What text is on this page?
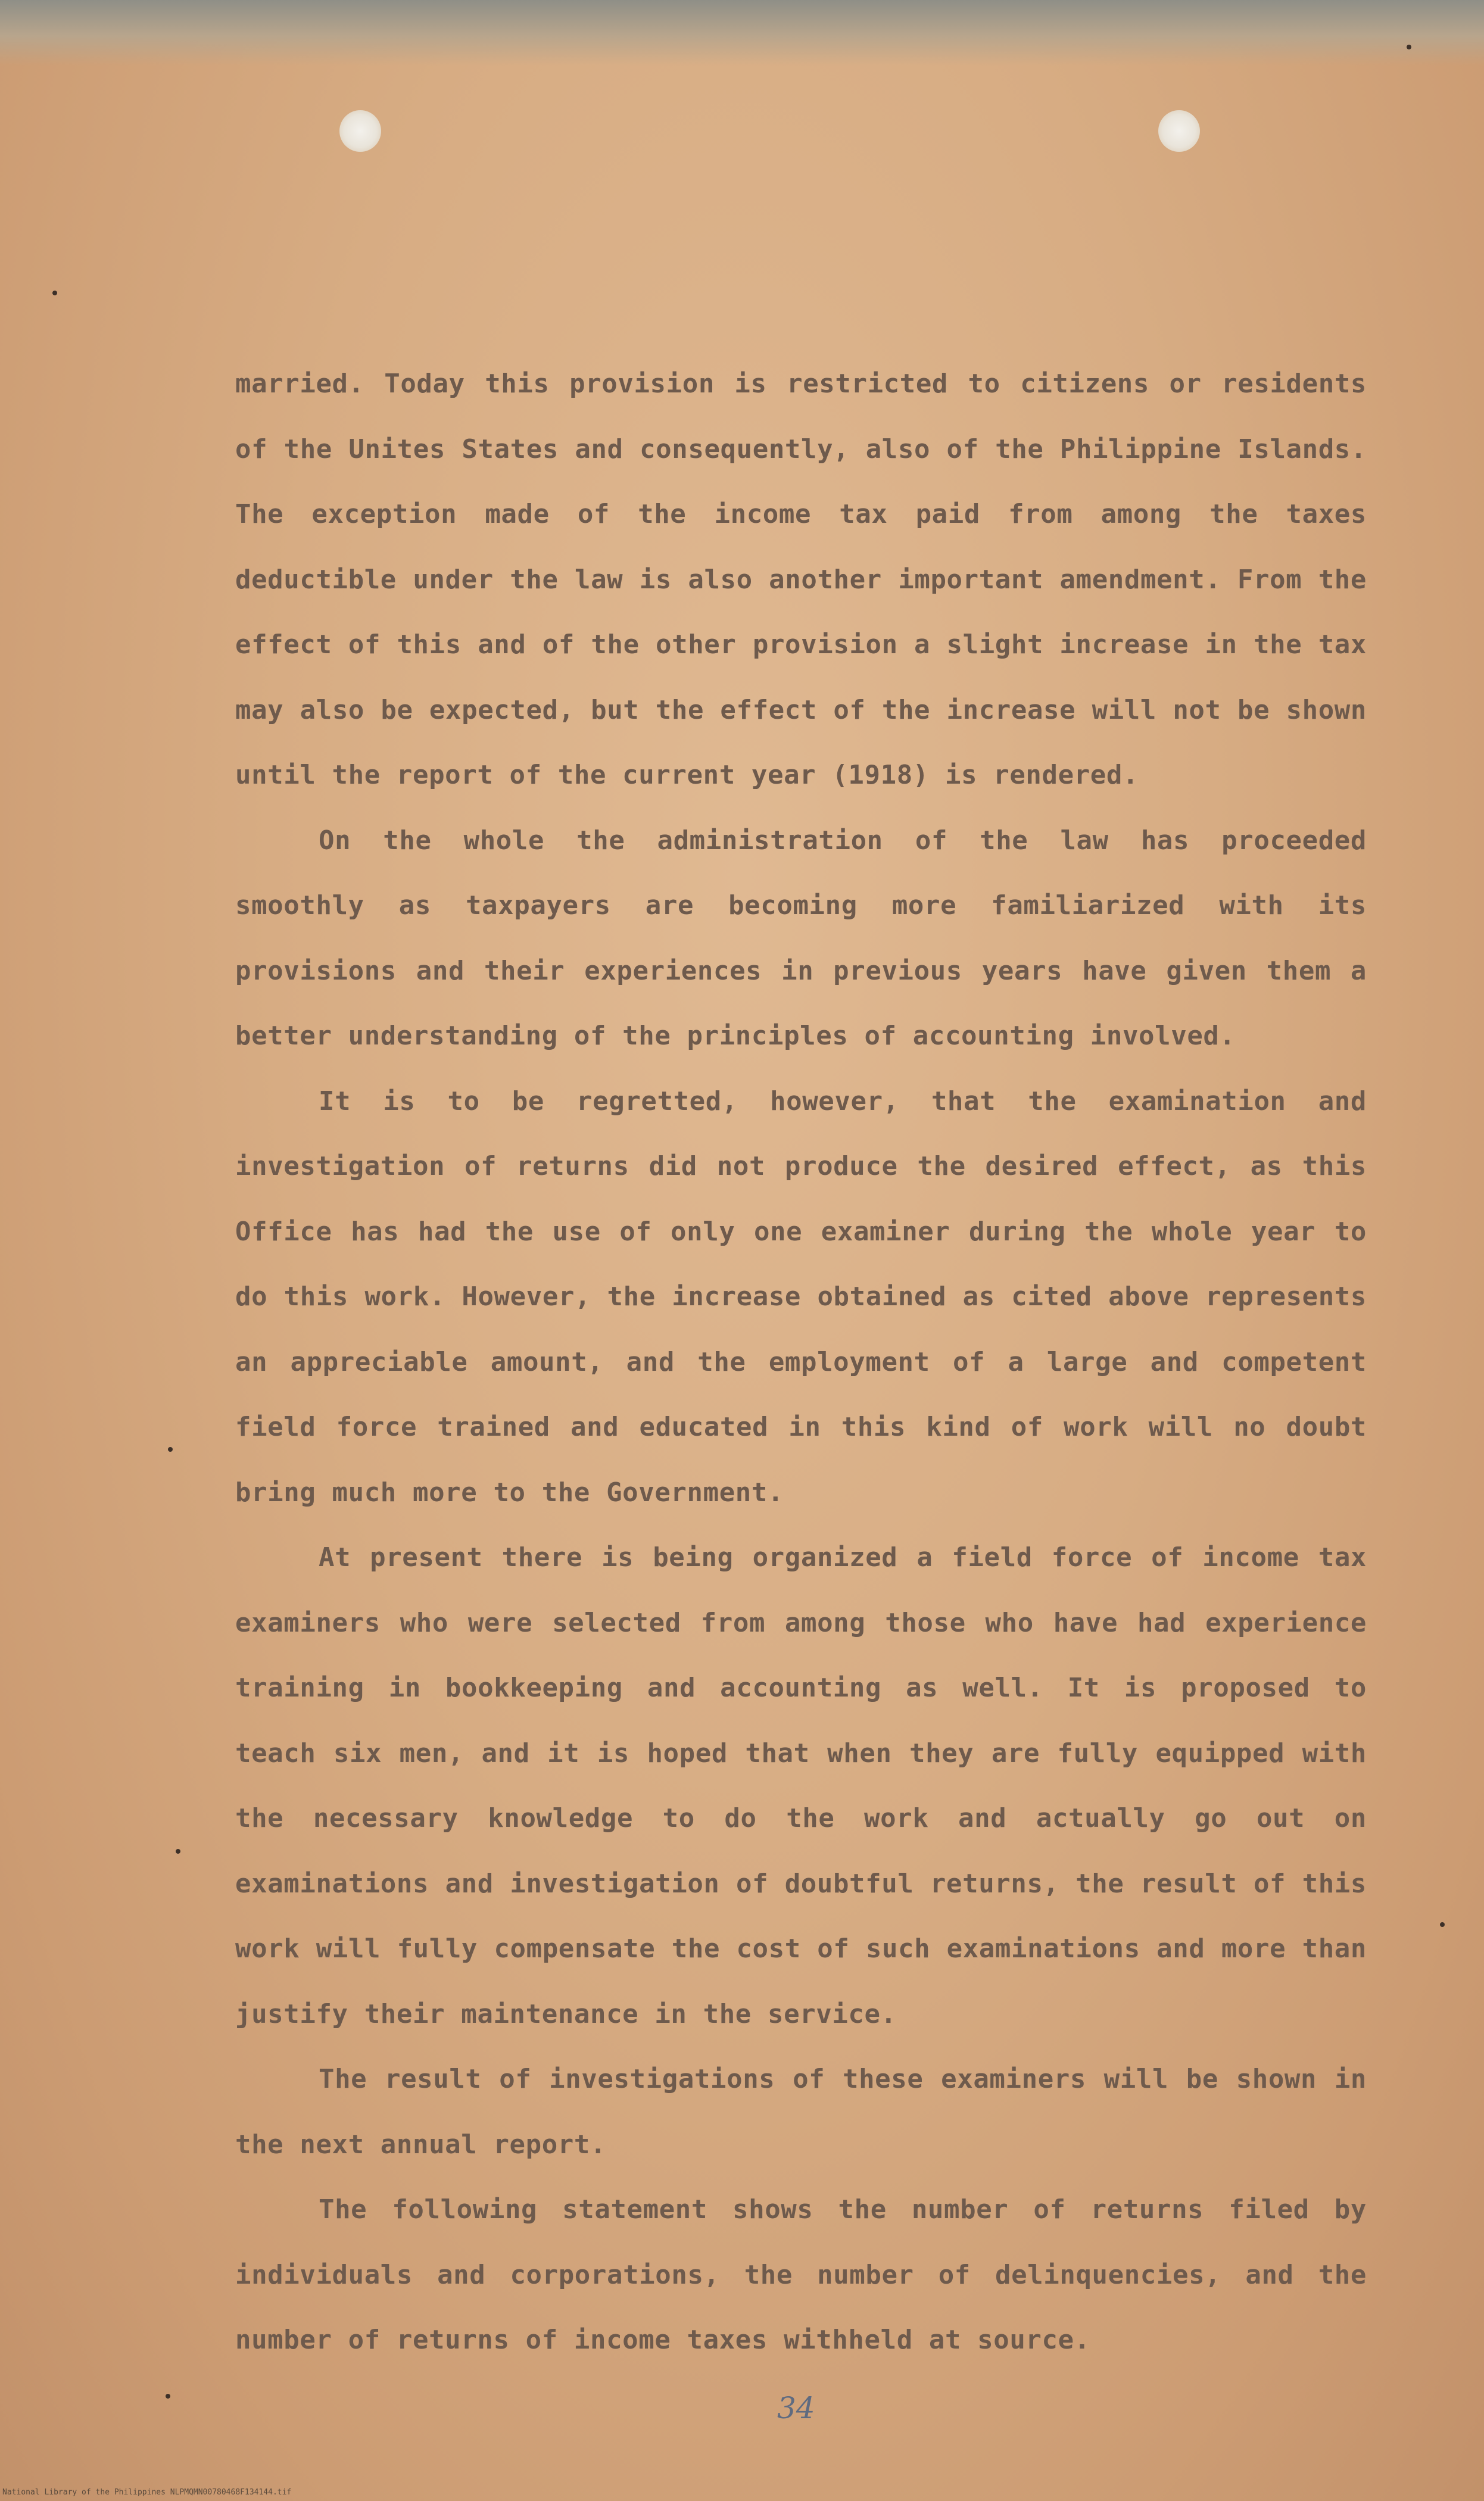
married. Today this provision is restricted to citizens or residents of the Unites States and consequently, also of the Philippine Islands. The exception made of the income tax paid from among the taxes deductible under the law is also another important amendment. From the effect of this and of the other provision a slight increase in the tax may also be expected, but the effect of the increase will not be shown until the report of the current year (1918) is rendered.

On the whole the administration of the law has proceeded smoothly as taxpayers are becoming more familiarized with its provisions and their experiences in previous years have given them a better understanding of the principles of accounting involved.

It is to be regretted, however, that the examination and investigation of returns did not produce the desired effect, as this Office has had the use of only one examiner during the whole year to do this work. However, the increase obtained as cited above represents an appreciable amount, and the employment of a large and competent field force trained and educated in this kind of work will no doubt bring much more to the Government.

At present there is being organized a field force of income tax examiners who were selected from among those who have had experience training in bookkeeping and accounting as well. It is proposed to teach six men, and it is hoped that when they are fully equipped with the necessary knowledge to do the work and actually go out on examinations and investigation of doubtful returns, the result of this work will fully compensate the cost of such examinations and more than justify their maintenance in the service.

The result of investigations of these examiners will be shown in the next annual report.

The following statement shows the number of returns filed by individuals and corporations, the number of delinquencies, and the number of returns of income taxes withheld at source.

34
National Library of the Philippines NLPMQMN00780468F134144.tif
